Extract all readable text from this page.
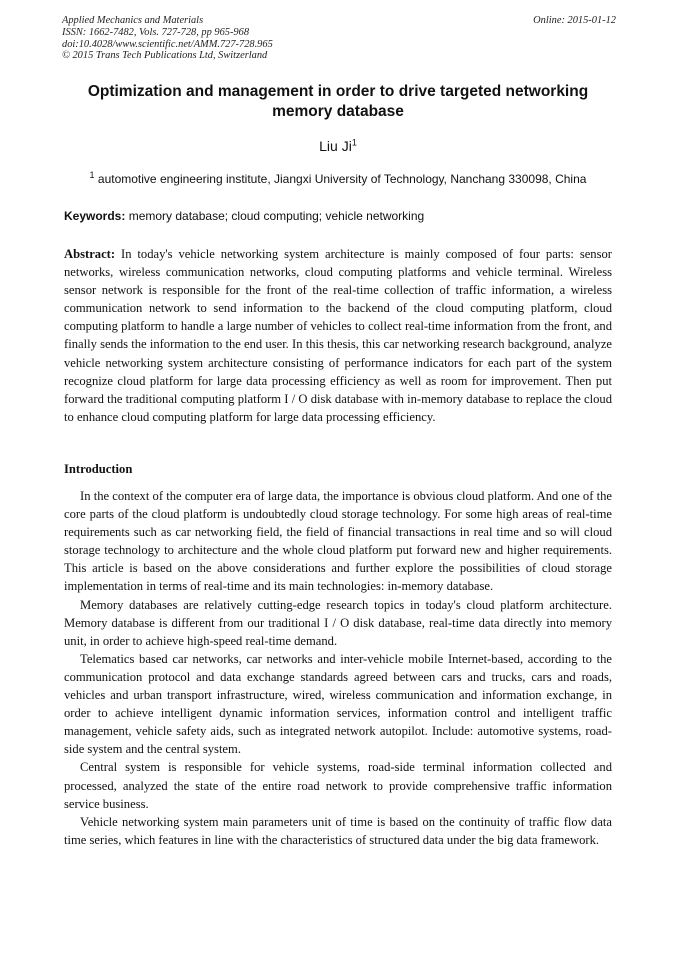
Applied Mechanics and Materials
ISSN: 1662-7482, Vols. 727-728, pp 965-968
doi:10.4028/www.scientific.net/AMM.727-728.965
© 2015 Trans Tech Publications Ltd, Switzerland
Online: 2015-01-12
Optimization and management in order to drive targeted networking memory database
Liu Ji$^1$
$^1$ automotive engineering institute, Jiangxi University of Technology, Nanchang 330098, China
Keywords: memory database; cloud computing; vehicle networking

Abstract: In today's vehicle networking system architecture is mainly composed of four parts: sensor networks, wireless communication networks, cloud computing platforms and vehicle terminal. Wireless sensor network is responsible for the front of the real-time collection of traffic information, a wireless communication network to send information to the backend of the cloud computing platform, cloud computing platform to handle a large number of vehicles to collect real-time information from the front, and finally sends the information to the end user. In this thesis, this car networking research background, analyze vehicle networking system architecture consisting of performance indicators for each part of the system recognize cloud platform for large data processing efficiency as well as room for improvement. Then put forward the traditional computing platform I / O disk database with in-memory database to replace the cloud to enhance cloud computing platform for large data processing efficiency.

Introduction

In the context of the computer era of large data, the importance is obvious cloud platform. And one of the core parts of the cloud platform is undoubtedly cloud storage technology. For some high areas of real-time requirements such as car networking field, the field of financial transactions in real time and so will cloud storage technology to architecture and the whole cloud platform put forward new and higher requirements. This article is based on the above considerations and further explore the possibilities of cloud storage implementation in terms of real-time and its main technologies: in-memory database.

Memory databases are relatively cutting-edge research topics in today's cloud platform architecture. Memory database is different from our traditional I / O disk database, real-time data directly into memory unit, in order to achieve high-speed real-time demand.

Telematics based car networks, car networks and inter-vehicle mobile Internet-based, according to the communication protocol and data exchange standards agreed between cars and trucks, cars and roads, vehicles and urban transport infrastructure, wired, wireless communication and information exchange, in order to achieve intelligent dynamic information services, information control and intelligent traffic management, vehicle safety aids, such as integrated network autopilot. Include: automotive systems, road-side system and the central system.

Central system is responsible for vehicle systems, road-side terminal information collected and processed, analyzed the state of the entire road network to provide comprehensive traffic information service business.

Vehicle networking system main parameters unit of time is based on the continuity of traffic flow data time series, which features in line with the characteristics of structured data under the big data framework.
